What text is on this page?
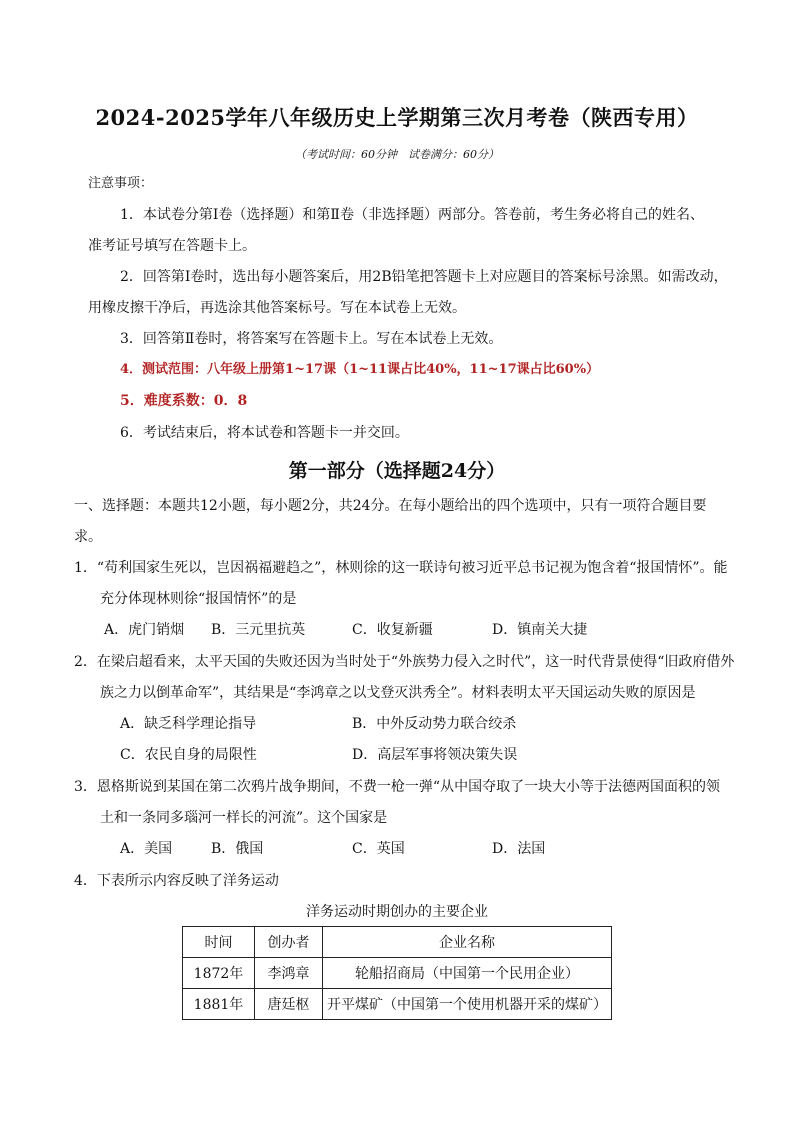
2024-2025学年八年级历史上学期第三次月考卷（陕西专用）
（考试时间：60分钟　试卷满分：60分）
注意事项：
1．本试卷分第Ⅰ卷（选择题）和第Ⅱ卷（非选择题）两部分。答卷前，考生务必将自己的姓名、
准考证号填写在答题卡上。
2．回答第Ⅰ卷时，选出每小题答案后，用2B铅笔把答题卡上对应题目的答案标号涂黑。如需改动，
用橡皮擦干净后，再选涂其他答案标号。写在本试卷上无效。
3．回答第Ⅱ卷时，将答案写在答题卡上。写在本试卷上无效。
4．测试范围：八年级上册第1~17课（1~11课占比40%，11~17课占比60%）
5．难度系数：0．8
6．考试结束后，将本试卷和答题卡一并交回。
第一部分（选择题24分）
一、选择题：本题共12小题，每小题2分，共24分。在每小题给出的四个选项中，只有一项符合题目要
求。
1．“苟利国家生死以，岂因祸福避趋之”，林则徐的这一联诗句被习近平总书记视为饱含着“报国情怀”。能
充分体现林则徐“报国情怀”的是
A．虎门销烟 B．三元里抗英	C．收复新疆	D．镇南关大捷
2．在梁启超看来，太平天国的失败还因为当时处于“外族势力侵入之时代”，这一时代背景使得“旧政府借外
族之力以倒革命军”，其结果是“李鸿章之以戈登灭洪秀全”。材料表明太平天国运动失败的原因是
A．缺乏科学理论指导	B．中外反动势力联合绞杀
C．农民自身的局限性	D．高层军事将领决策失误
3．恩格斯说到某国在第二次鸦片战争期间，不费一枪一弹“从中国夺取了一块大小等于法德两国面积的领
土和一条同多瑙河一样长的河流”。这个国家是
A．美国	B．俄国	C．英国	D．法国
4．下表所示内容反映了洋务运动
洋务运动时期创办的主要企业
时间	创办者	企业名称
1872年	李鸿章	轮船招商局（中国第一个民用企业）
1881年	唐廷枢	开平煤矿（中国第一个使用机器开采的煤矿）
